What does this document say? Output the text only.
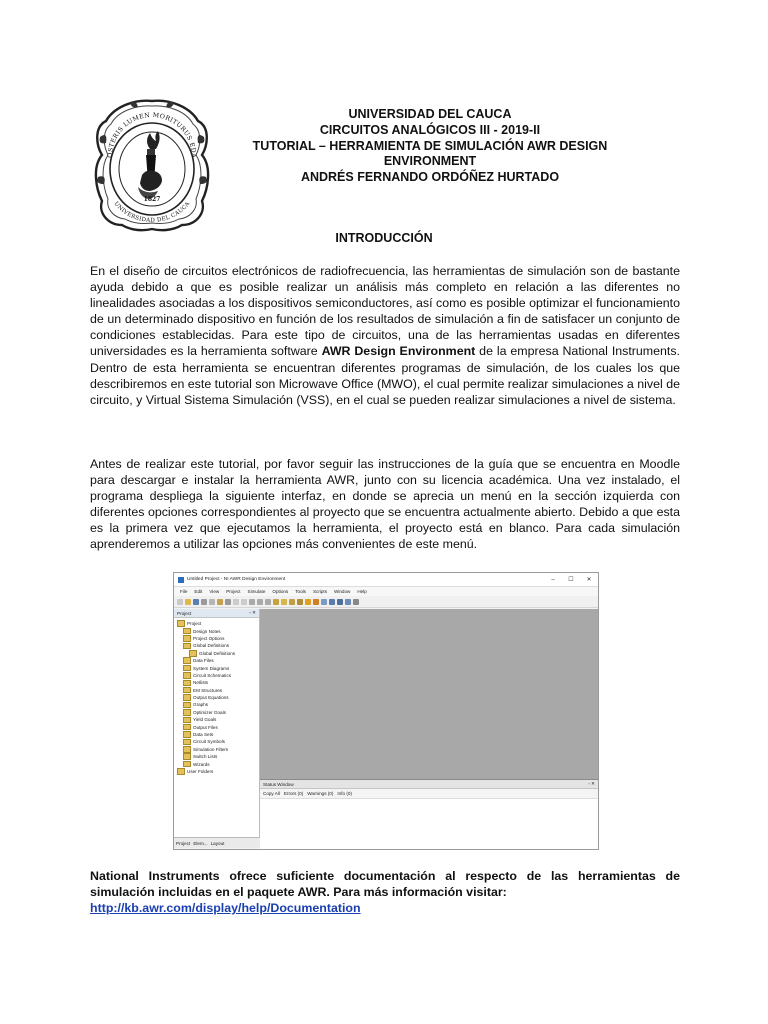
OSTERIS LUMEN MORITURUS EDA
1827
UNIVERSIDAD DEL CAUCA
UNIVERSIDAD DEL CAUCA
CIRCUITOS ANALÓGICOS III - 2019-II
TUTORIAL – HERRAMIENTA DE SIMULACIÓN AWR DESIGN
ENVIRONMENT
ANDRÉS FERNANDO ORDÓÑEZ HURTADO
INTRODUCCIÓN
En el diseño de circuitos electrónicos de radiofrecuencia, las herramientas de simulación son de bastante ayuda debido a que es posible realizar un análisis más completo en relación a las diferentes no linealidades asociadas a los dispositivos semiconductores, así como es posible optimizar el funcionamiento de un determinado dispositivo en función de los resultados de simulación a fin de satisfacer un conjunto de condiciones establecidas. Para este tipo de circuitos, una de las herramientas usadas en diferentes universidades es la herramienta software AWR Design Environment de la empresa National Instruments. Dentro de esta herramienta se encuentran diferentes programas de simulación, de los cuales los que describiremos en este tutorial son Microwave Office (MWO), el cual permite realizar simulaciones a nivel de circuito, y Virtual Sistema Simulación (VSS), en el cual se pueden realizar simulaciones a nivel de sistema.
Antes de realizar este tutorial, por favor seguir las instrucciones de la guía que se encuentra en Moodle para descargar e instalar la herramienta AWR, junto con su licencia académica. Una vez instalado, el programa despliega la siguiente interfaz, en donde se aprecia un menú en la sección izquierda con diferentes opciones correspondientes al proyecto que se encuentra actualmente abierto. Debido a que esta es la primera vez que ejecutamos la herramienta, el proyecto está en blanco. Para cada simulación aprenderemos a utilizar las opciones más convenientes de este menú.
Untitled Project - NI AWR Design Environment	–	☐	✕
File Edit View Project Simulate Options Tools Scripts Window Help
Project	▫ ✕
Project
Design Notes
Project Options
Global Definitions
Global Definitions
Data Files
System Diagrams
Circuit Schematics
Netlists
EM Structures
Output Equations
Graphs
Optimizer Goals
Yield Goals
Output Files
Data Sets
Circuit Symbols
Simulation Filters
Switch Lists
Wizards
User Folders
Project Elem... Layout
Status Window	▫ ✕
Copy All Errors (0) Warnings (0) Info (0)
National Instruments ofrece suficiente documentación al respecto de las herramientas de simulación incluidas en el paquete AWR. Para más información visitar:
http://kb.awr.com/display/help/Documentation
